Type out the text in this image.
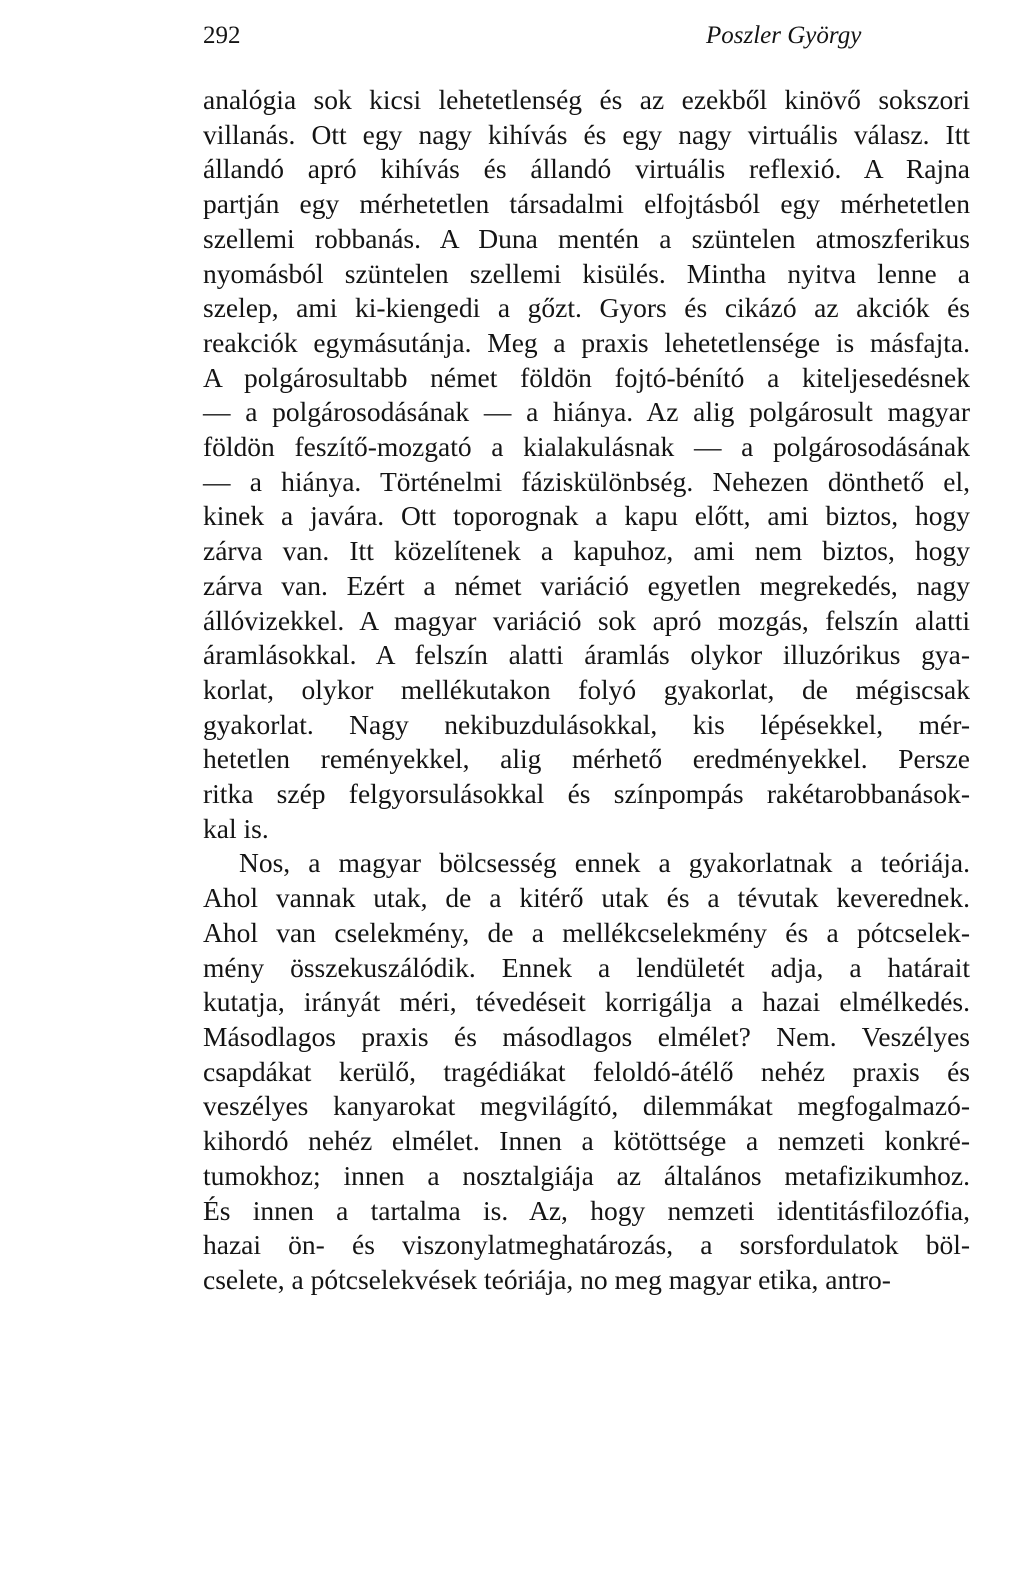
292	Poszler György
analógia sok kicsi lehetetlenség és az ezekből kinövő sokszori
villanás. Ott egy nagy kihívás és egy nagy virtuális válasz. Itt
állandó apró kihívás és állandó virtuális reflexió. A Rajna
partján egy mérhetetlen társadalmi elfojtásból egy mérhetetlen
szellemi robbanás. A Duna mentén a szüntelen atmoszferikus
nyomásból szüntelen szellemi kisülés. Mintha nyitva lenne a
szelep, ami ki-kiengedi a gőzt. Gyors és cikázó az akciók és
reakciók egymásutánja. Meg a praxis lehetetlensége is másfajta.
A polgárosultabb német földön fojtó-bénító a kiteljesedésnek
— a polgárosodásának — a hiánya. Az alig polgárosult magyar
földön feszítő-mozgató a kialakulásnak — a polgárosodásának
— a hiánya. Történelmi fáziskülönbség. Nehezen dönthető el,
kinek a javára. Ott toporognak a kapu előtt, ami biztos, hogy
zárva van. Itt közelítenek a kapuhoz, ami nem biztos, hogy
zárva van. Ezért a német variáció egyetlen megrekedés, nagy
állóvizekkel. A magyar variáció sok apró mozgás, felszín alatti
áramlásokkal. A felszín alatti áramlás olykor illuzórikus gya-
korlat, olykor mellékutakon folyó gyakorlat, de mégiscsak
gyakorlat. Nagy nekibuzdulásokkal, kis lépésekkel, mér-
hetetlen reményekkel, alig mérhető eredményekkel. Persze
ritka szép felgyorsulásokkal és színpompás rakétarobbanások-
kal is.
Nos, a magyar bölcsesség ennek a gyakorlatnak a teóriája.
Ahol vannak utak, de a kitérő utak és a tévutak keverednek.
Ahol van cselekmény, de a mellékcselekmény és a pótcselek-
mény összekuszálódik. Ennek a lendületét adja, a határait
kutatja, irányát méri, tévedéseit korrigálja a hazai elmélkedés.
Másodlagos praxis és másodlagos elmélet? Nem. Veszélyes
csapdákat kerülő, tragédiákat feloldó-átélő nehéz praxis és
veszélyes kanyarokat megvilágító, dilemmákat megfogalmazó-
kihordó nehéz elmélet. Innen a kötöttsége a nemzeti konkré-
tumokhoz; innen a nosztalgiája az általános metafizikumhoz.
És innen a tartalma is. Az, hogy nemzeti identitásfilozófia,
hazai ön- és viszonylatmeghatározás, a sorsfordulatok böl-
cselete, a pótcselekvések teóriája, no meg magyar etika, antro-
